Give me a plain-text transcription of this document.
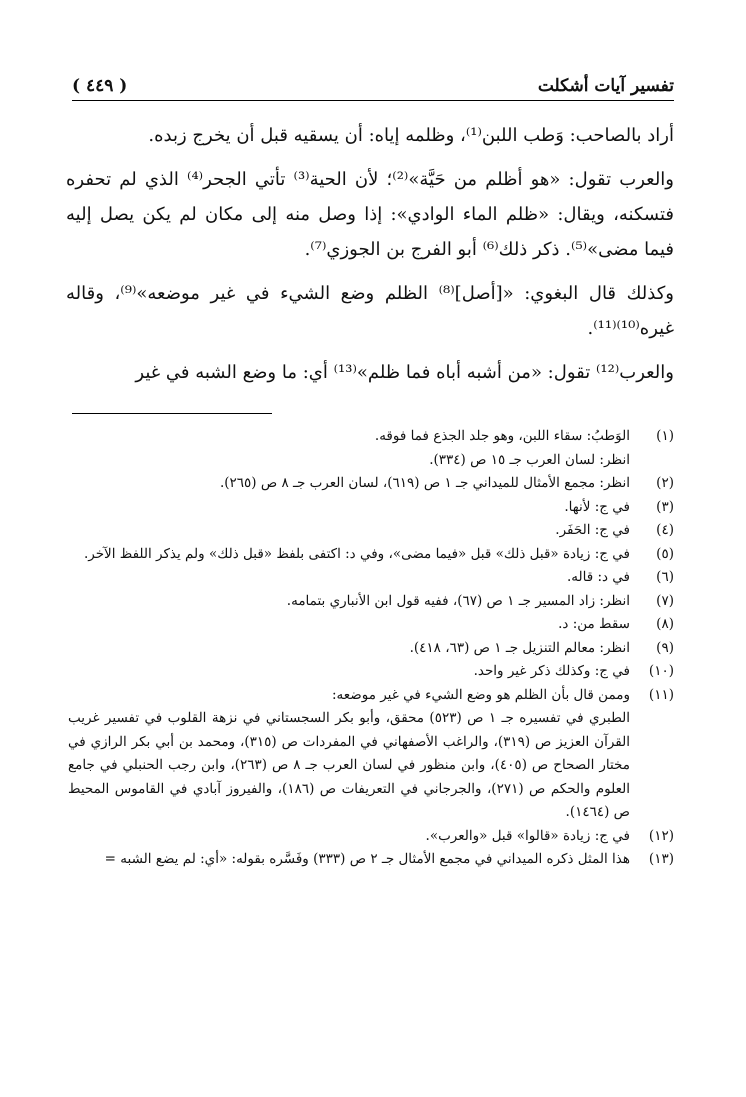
تفسير آيات أشكلت
( ٤٤٩ )

أراد بالصاحب: وَطب اللبن⁽¹⁾، وظلمه إياه: أن يسقيه قبل أن يخرج زبده.

والعرب تقول: «هو أظلم من حَيَّة»⁽²⁾؛ لأن الحية⁽³⁾ تأتي الجحر⁽⁴⁾ الذي لم تحفره فتسكنه، ويقال: «ظلم الماء الوادي»: إذا وصل منه إلى مكان لم يكن يصل إليه فيما مضى»⁽⁵⁾. ذكر ذلك⁽⁶⁾ أبو الفرج بن الجوزي⁽⁷⁾.

وكذلك قال البغوي: «[أصل]⁽⁸⁾ الظلم وضع الشيء في غير موضعه»⁽⁹⁾، وقاله غيره⁽¹⁰⁾⁽¹¹⁾.

والعرب⁽¹²⁾ تقول: «من أشبه أباه فما ظلم»⁽¹³⁾ أي: ما وضع الشبه في غير

(١)
الوَطبُ: سقاء اللبن، وهو جلد الجذع فما فوقه.
انظر: لسان العرب جـ ١٥ ص (٣٣٤).
(٢)
انظر: مجمع الأمثال للميداني جـ ١ ص (٦١٩)، لسان العرب جـ ٨ ص (٢٦٥).
(٣)
في ج: لأنها.
(٤)
في ج: الحَفَر.
(٥)
في ج: زيادة «قبل ذلك» قبل «فيما مضى»، وفي د: اكتفى بلفظ «قبل ذلك» ولم يذكر اللفظ الآخر.
(٦)
في د: قاله.
(٧)
انظر: زاد المسير جـ ١ ص (٦٧)، ففيه قول ابن الأنباري بتمامه.
(٨)
سقط من: د.
(٩)
انظر: معالم التنزيل جـ ١ ص (٦٣، ٤١٨).
(١٠)
في ج: وكذلك ذكر غير واحد.
(١١)
وممن قال بأن الظلم هو وضع الشيء في غير موضعه:
الطبري في تفسيره جـ ١ ص (٥٢٣) محقق، وأبو بكر السجستاني في نزهة القلوب في تفسير غريب القرآن العزيز ص (٣١٩)، والراغب الأصفهاني في المفردات ص (٣١٥)، ومحمد بن أبي بكر الرازي في مختار الصحاح ص (٤٠٥)، وابن منظور في لسان العرب جـ ٨ ص (٢٦٣)، وابن رجب الحنبلي في جامع العلوم والحكم ص (٢٧١)، والجرجاني في التعريفات ص (١٨٦)، والفيروز آبادي في القاموس المحيط ص (١٤٦٤).
(١٢)
في ج: زيادة «قالوا» قبل «والعرب».
(١٣)
هذا المثل ذكره الميداني في مجمع الأمثال جـ ٢ ص (٣٣٣) وفَسَّره بقوله: «أي: لم يضع الشبه =
